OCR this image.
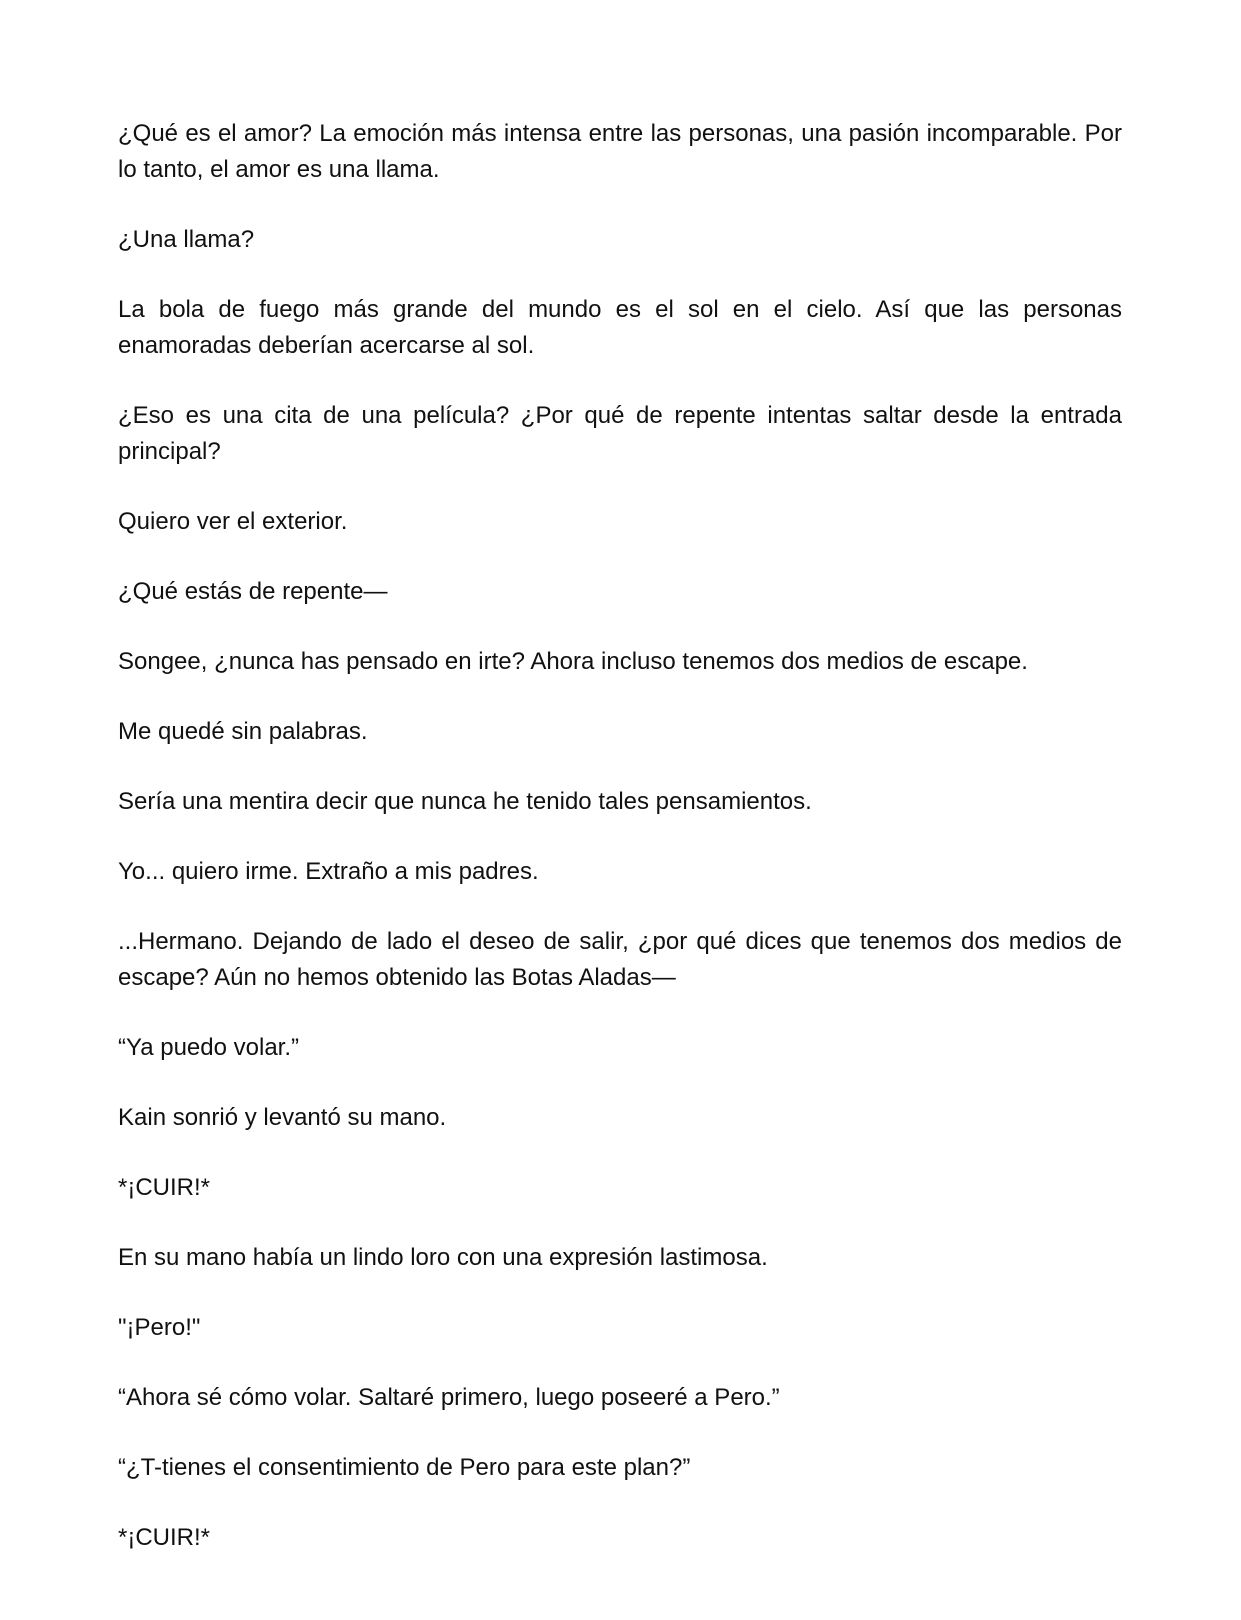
¿Qué es el amor? La emoción más intensa entre las personas, una pasión incomparable. Por lo tanto, el amor es una llama.

¿Una llama?

La bola de fuego más grande del mundo es el sol en el cielo. Así que las personas enamoradas deberían acercarse al sol.

¿Eso es una cita de una película? ¿Por qué de repente intentas saltar desde la entrada principal?

Quiero ver el exterior.

¿Qué estás de repente—

Songee, ¿nunca has pensado en irte? Ahora incluso tenemos dos medios de escape.

Me quedé sin palabras.

Sería una mentira decir que nunca he tenido tales pensamientos.

Yo... quiero irme. Extraño a mis padres.

...Hermano. Dejando de lado el deseo de salir, ¿por qué dices que tenemos dos medios de escape? Aún no hemos obtenido las Botas Aladas—

“Ya puedo volar.”

Kain sonrió y levantó su mano.

*¡CUIR!*

En su mano había un lindo loro con una expresión lastimosa.

"¡Pero!"

“Ahora sé cómo volar. Saltaré primero, luego poseeré a Pero.”

“¿T-tienes el consentimiento de Pero para este plan?”

*¡CUIR!*
